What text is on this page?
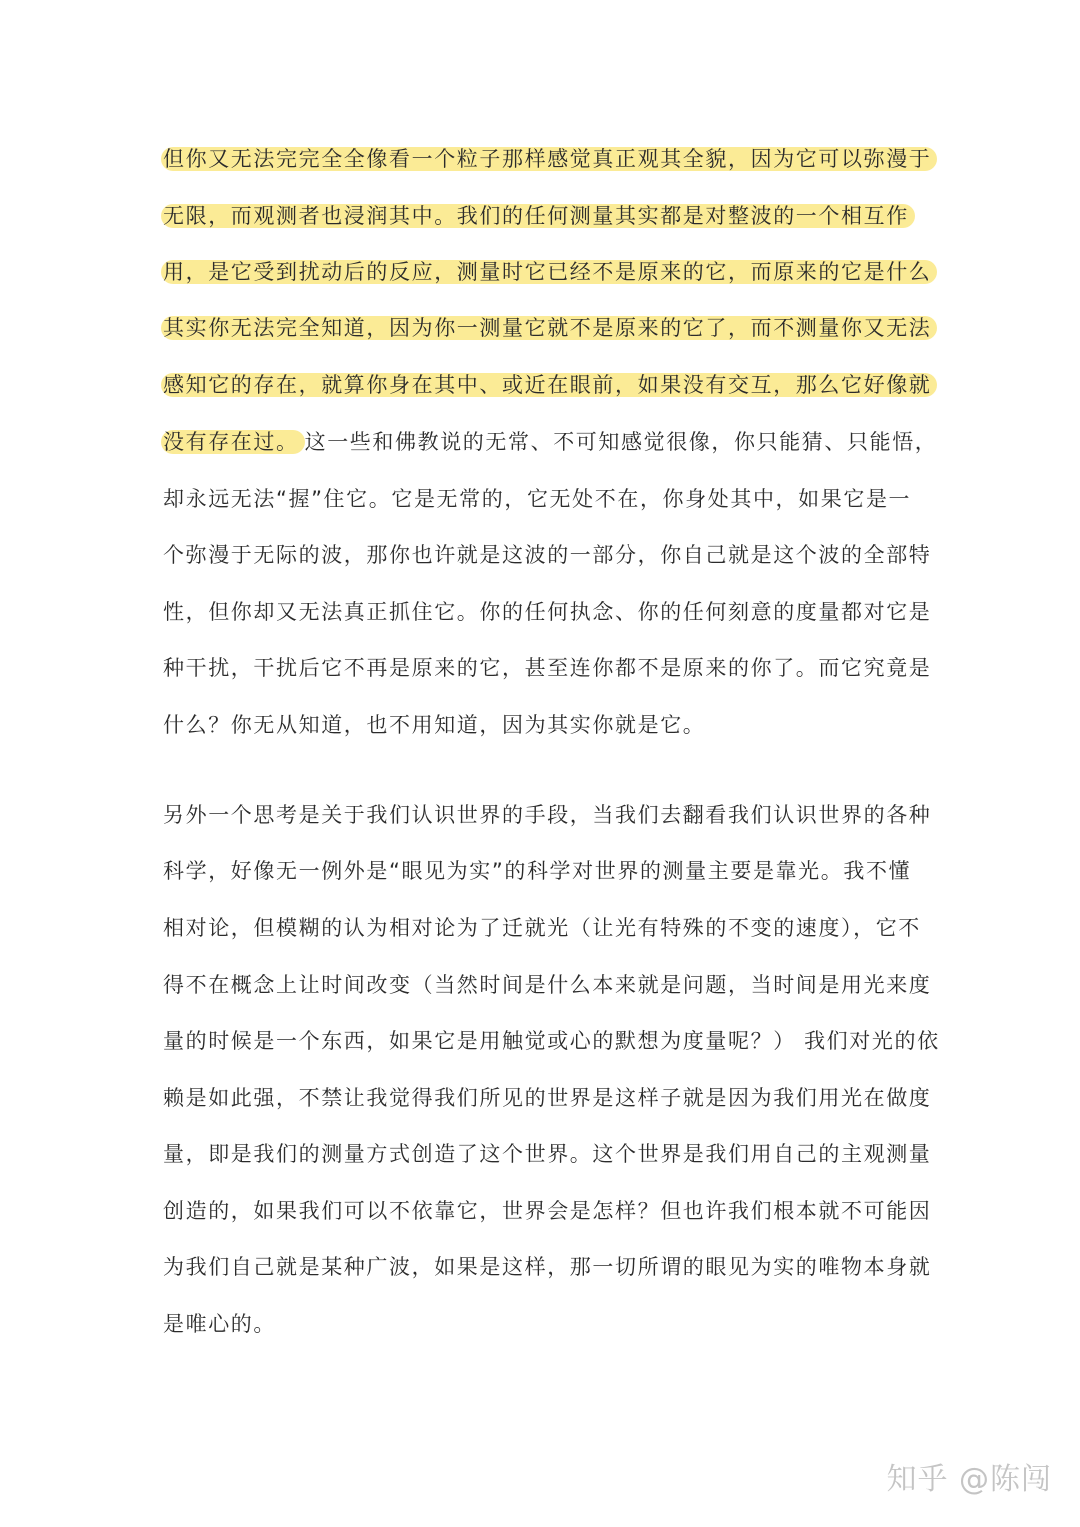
但你又无法完完全全像看一个粒子那样感觉真正观其全貌，因为它可以弥漫于
无限，而观测者也浸润其中。我们的任何测量其实都是对整波的一个相互作
用，是它受到扰动后的反应，测量时它已经不是原来的它，而原来的它是什么
其实你无法完全知道，因为你一测量它就不是原来的它了，而不测量你又无法
感知它的存在，就算你身在其中、或近在眼前，如果没有交互，那么它好像就
没有存在过。 这一些和佛教说的无常、不可知感觉很像，你只能猜、只能悟，
却永远无法“握”住它。它是无常的，它无处不在，你身处其中，如果它是一
个弥漫于无际的波，那你也许就是这波的一部分，你自己就是这个波的全部特
性，但你却又无法真正抓住它。你的任何执念、你的任何刻意的度量都对它是
种干扰，干扰后它不再是原来的它，甚至连你都不是原来的你了。而它究竟是
什么？你无从知道，也不用知道，因为其实你就是它。
另外一个思考是关于我们认识世界的手段，当我们去翻看我们认识世界的各种
科学，好像无一例外是“眼见为实”的科学对世界的测量主要是靠光。我不懂
相对论，但模糊的认为相对论为了迁就光（让光有特殊的不变的速度），它不
得不在概念上让时间改变（当然时间是什么本来就是问题，当时间是用光来度
量的时候是一个东西，如果它是用触觉或心的默想为度量呢？） 我们对光的依
赖是如此强，不禁让我觉得我们所见的世界是这样子就是因为我们用光在做度
量，即是我们的测量方式创造了这个世界。这个世界是我们用自己的主观测量
创造的，如果我们可以不依靠它，世界会是怎样？但也许我们根本就不可能因
为我们自己就是某种广波，如果是这样，那一切所谓的眼见为实的唯物本身就
是唯心的。
知乎 @陈闯
